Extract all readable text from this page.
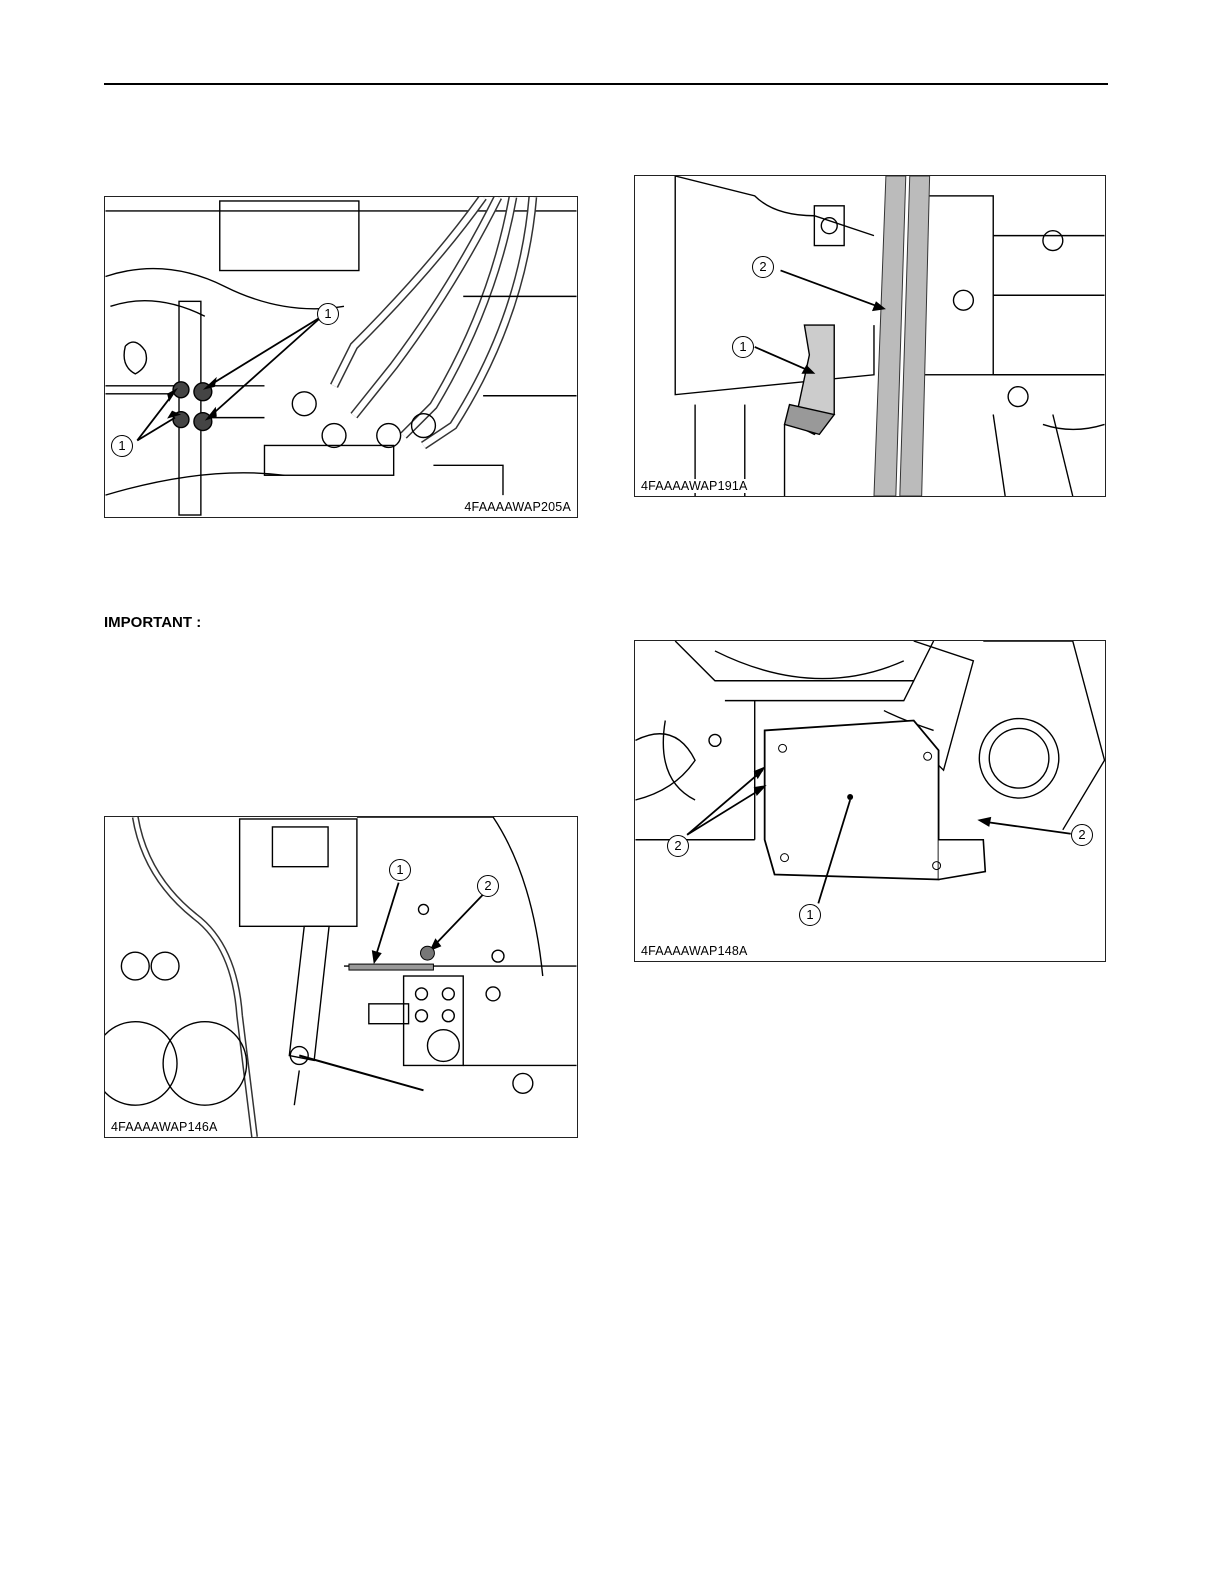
1
1
4FAAAAWAP205A
2
1
4FAAAAWAP191A
IMPORTANT :
1
2
4FAAAAWAP146A
2
2
1
4FAAAAWAP148A
